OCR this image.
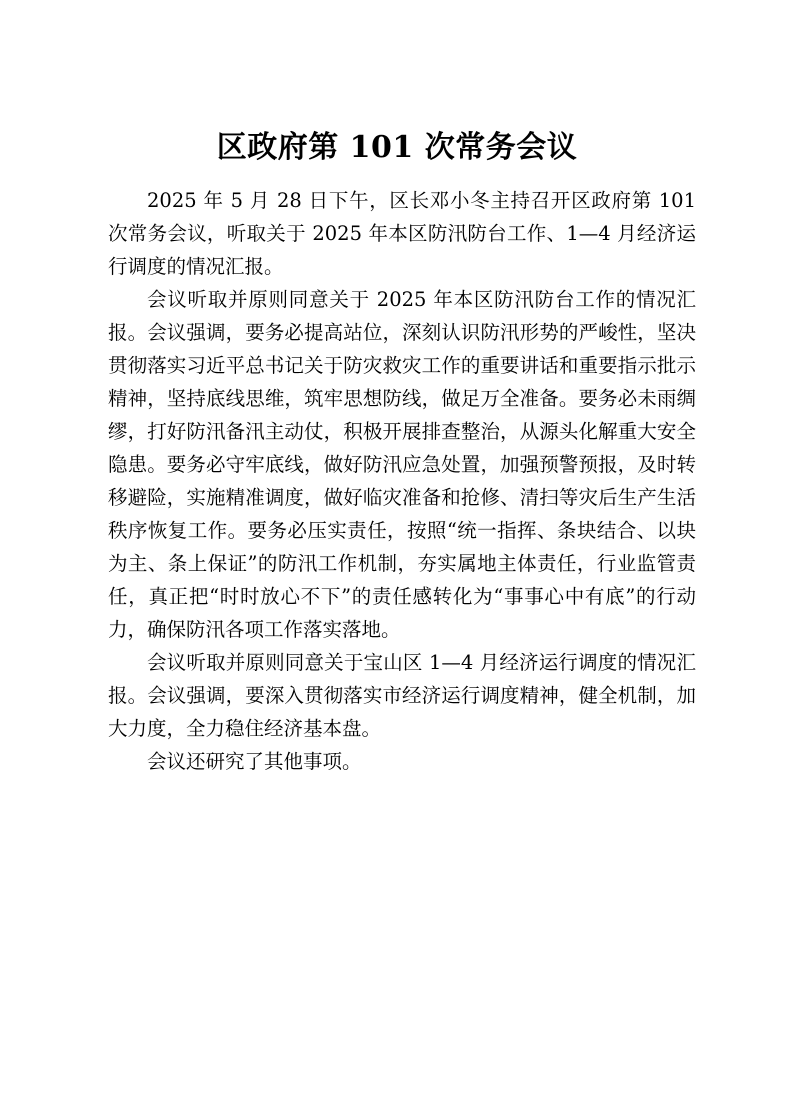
区政府第 101 次常务会议

2025 年 5 月 28 日下午，区长邓小冬主持召开区政府第 101 次常务会议，听取关于 2025 年本区防汛防台工作、1—4 月经济运行调度的情况汇报。

会议听取并原则同意关于 2025 年本区防汛防台工作的情况汇报。会议强调，要务必提高站位，深刻认识防汛形势的严峻性，坚决贯彻落实习近平总书记关于防灾救灾工作的重要讲话和重要指示批示精神，坚持底线思维，筑牢思想防线，做足万全准备。要务必未雨绸缪，打好防汛备汛主动仗，积极开展排查整治，从源头化解重大安全隐患。要务必守牢底线，做好防汛应急处置，加强预警预报，及时转移避险，实施精准调度，做好临灾准备和抢修、清扫等灾后生产生活秩序恢复工作。要务必压实责任，按照“统一指挥、条块结合、以块为主、条上保证”的防汛工作机制，夯实属地主体责任，行业监管责任，真正把“时时放心不下”的责任感转化为“事事心中有底”的行动力，确保防汛各项工作落实落地。

会议听取并原则同意关于宝山区 1—4 月经济运行调度的情况汇报。会议强调，要深入贯彻落实市经济运行调度精神，健全机制，加大力度，全力稳住经济基本盘。

会议还研究了其他事项。
